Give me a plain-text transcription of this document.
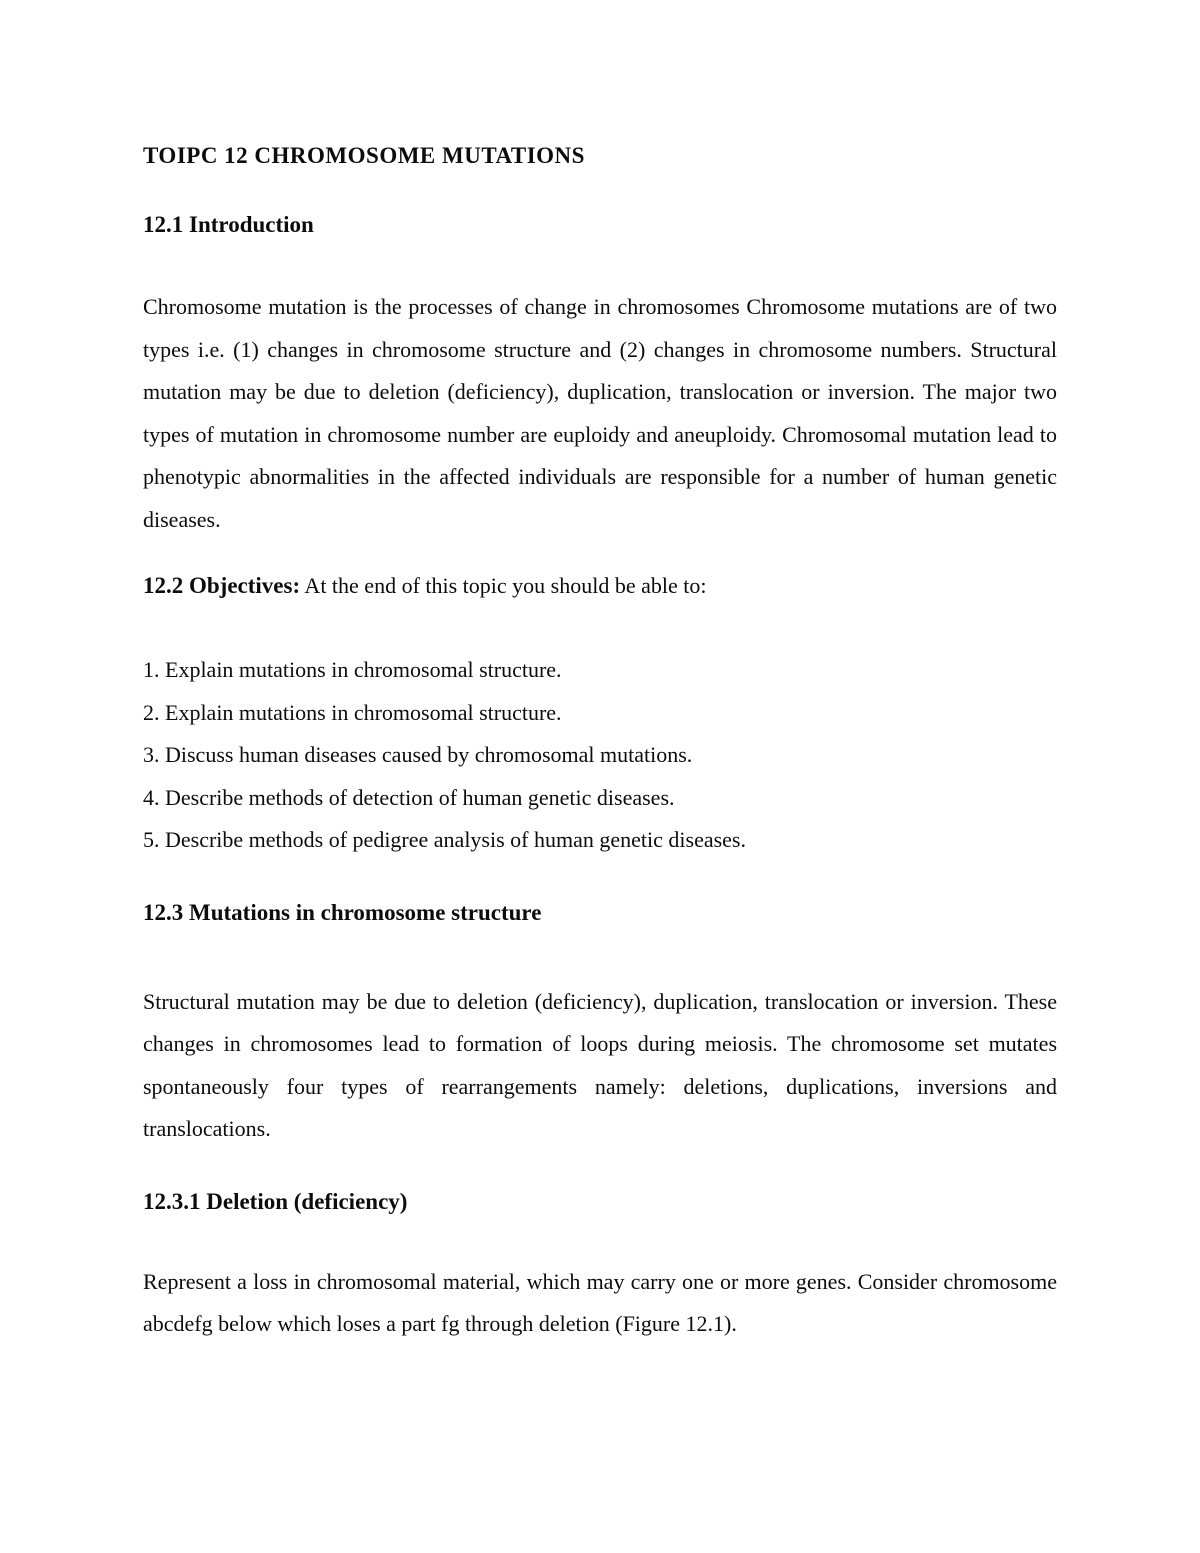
TOIPC 12 CHROMOSOME MUTATIONS
12.1 Introduction

Chromosome mutation is the processes of change in chromosomes Chromosome mutations are of two types i.e. (1) changes in chromosome structure and (2) changes in chromosome numbers. Structural mutation may be due to deletion (deficiency), duplication, translocation or inversion. The major two types of mutation in chromosome number are euploidy and aneuploidy. Chromosomal mutation lead to phenotypic abnormalities in the affected individuals are responsible for a number of human genetic diseases.

12.2 Objectives: At the end of this topic you should be able to:
1. Explain mutations in chromosomal structure.
2. Explain mutations in chromosomal structure.
3. Discuss human diseases caused by chromosomal mutations.
4. Describe methods of detection of human genetic diseases.
5. Describe methods of pedigree analysis of human genetic diseases.
12.3 Mutations in chromosome structure

Structural mutation may be due to deletion (deficiency), duplication, translocation or inversion. These changes in chromosomes lead to formation of loops during meiosis. The chromosome set mutates spontaneously four types of rearrangements namely: deletions, duplications, inversions and translocations.

12.3.1 Deletion (deficiency)

Represent a loss in chromosomal material, which may carry one or more genes. Consider chromosome abcdefg below which loses a part fg through deletion (Figure 12.1).
